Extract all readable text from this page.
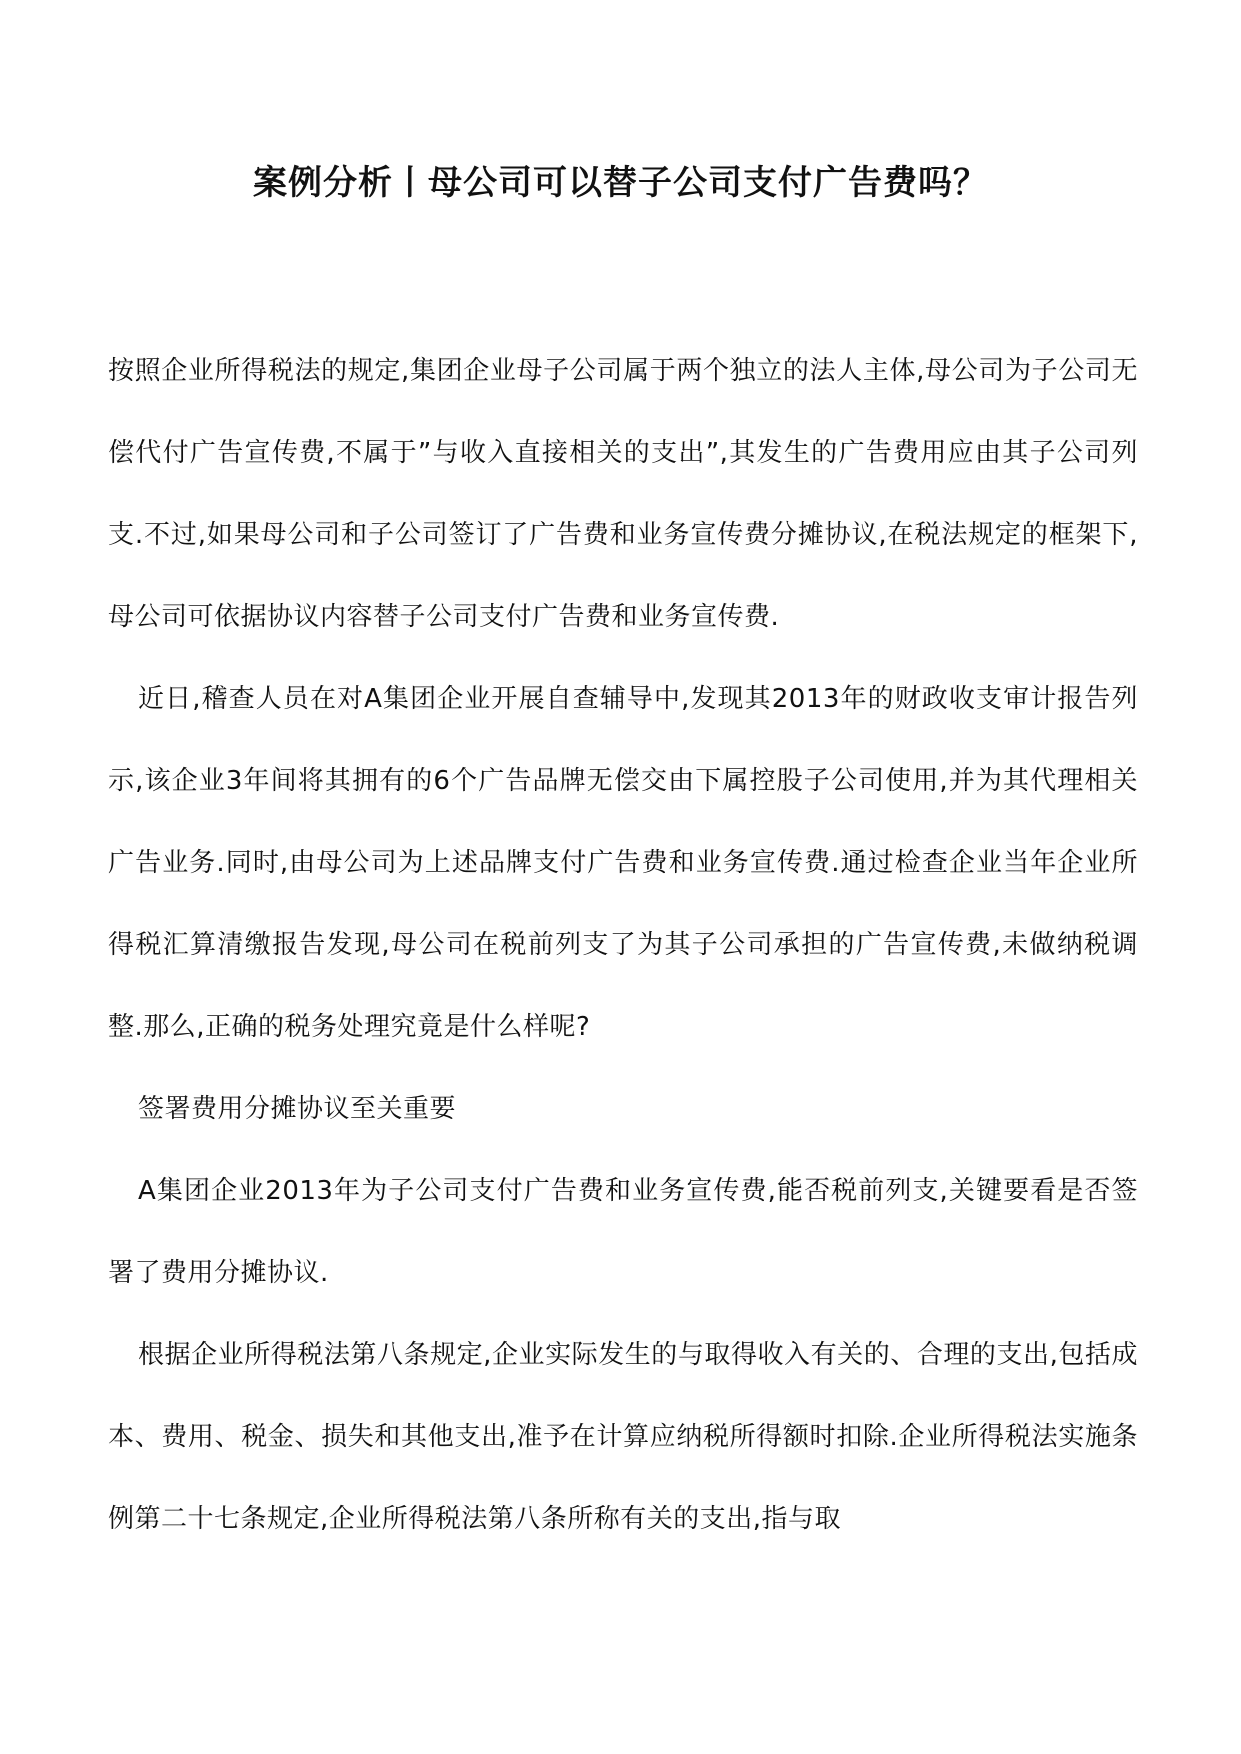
案例分析丨母公司可以替子公司支付广告费吗？

按照企业所得税法的规定,集团企业母子公司属于两个独立的法人主体,母公司为子公司无偿代付广告宣传费,不属于”与收入直接相关的支出”,其发生的广告费用应由其子公司列支.不过,如果母公司和子公司签订了广告费和业务宣传费分摊协议,在税法规定的框架下,母公司可依据协议内容替子公司支付广告费和业务宣传费.

近日,稽查人员在对A集团企业开展自查辅导中,发现其2013年的财政收支审计报告列示,该企业3年间将其拥有的6个广告品牌无偿交由下属控股子公司使用,并为其代理相关广告业务.同时,由母公司为上述品牌支付广告费和业务宣传费.通过检查企业当年企业所得税汇算清缴报告发现,母公司在税前列支了为其子公司承担的广告宣传费,未做纳税调整.那么,正确的税务处理究竟是什么样呢?

签署费用分摊协议至关重要

A集团企业2013年为子公司支付广告费和业务宣传费,能否税前列支,关键要看是否签署了费用分摊协议.

根据企业所得税法第八条规定,企业实际发生的与取得收入有关的、合理的支出,包括成本、费用、税金、损失和其他支出,准予在计算应纳税所得额时扣除.企业所得税法实施条例第二十七条规定,企业所得税法第八条所称有关的支出,指与取
